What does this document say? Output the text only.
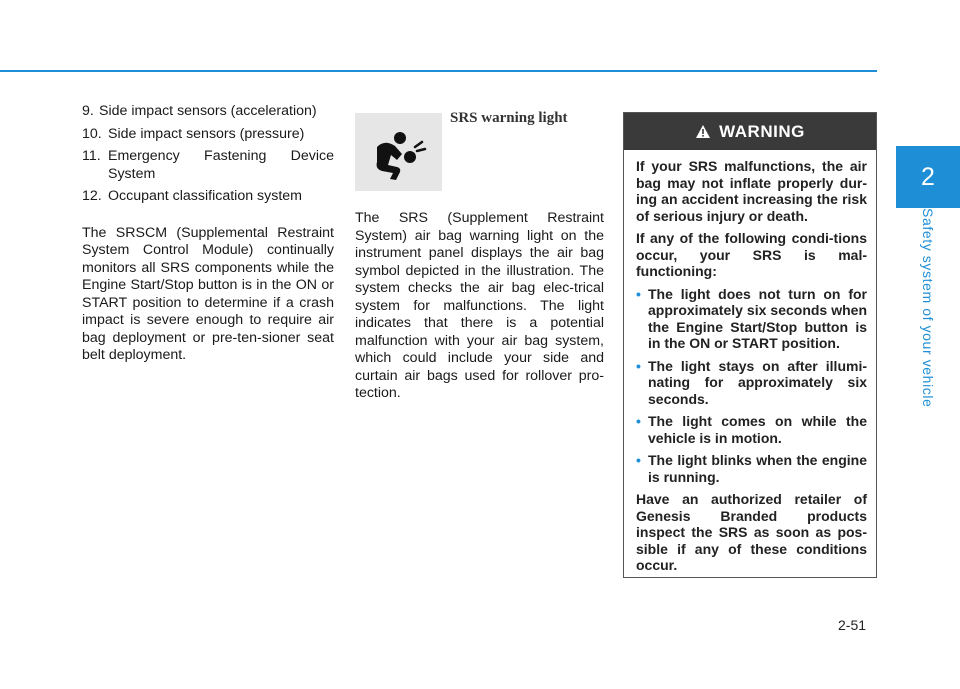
2
Safety system of your vehicle
9. Side impact sensors (acceleration)
10. Side impact sensors (pressure)
11. Emergency Fastening Device
System
12. Occupant classification system
The SRSCM (Supplemental Restraint System Control Module) continually monitors all SRS components while the Engine Start/Stop button is in the ON or START position to determine if a crash impact is severe enough to require air bag deployment or pre-ten-sioner seat belt deployment.
SRS warning light
The SRS (Supplement Restraint System) air bag warning light on the instrument panel displays the air bag symbol depicted in the illustration. The system checks the air bag elec-trical system for malfunctions. The light indicates that there is a potential malfunction with your air bag system, which could include your side and curtain air bags used for rollover pro-tection.
WARNING
If your SRS malfunctions, the air bag may not inflate properly dur-ing an accident increasing the risk of serious injury or death.
If any of the following condi-tions occur, your SRS is mal-functioning:
• The light does not turn on for approximately six seconds when the Engine Start/Stop button is in the ON or START position.
• The light stays on after illumi-nating for approximately six seconds.
• The light comes on while the vehicle is in motion.
• The light blinks when the engine is running.
Have an authorized retailer of Genesis Branded products inspect the SRS as soon as pos-sible if any of these conditions occur.
2-51
